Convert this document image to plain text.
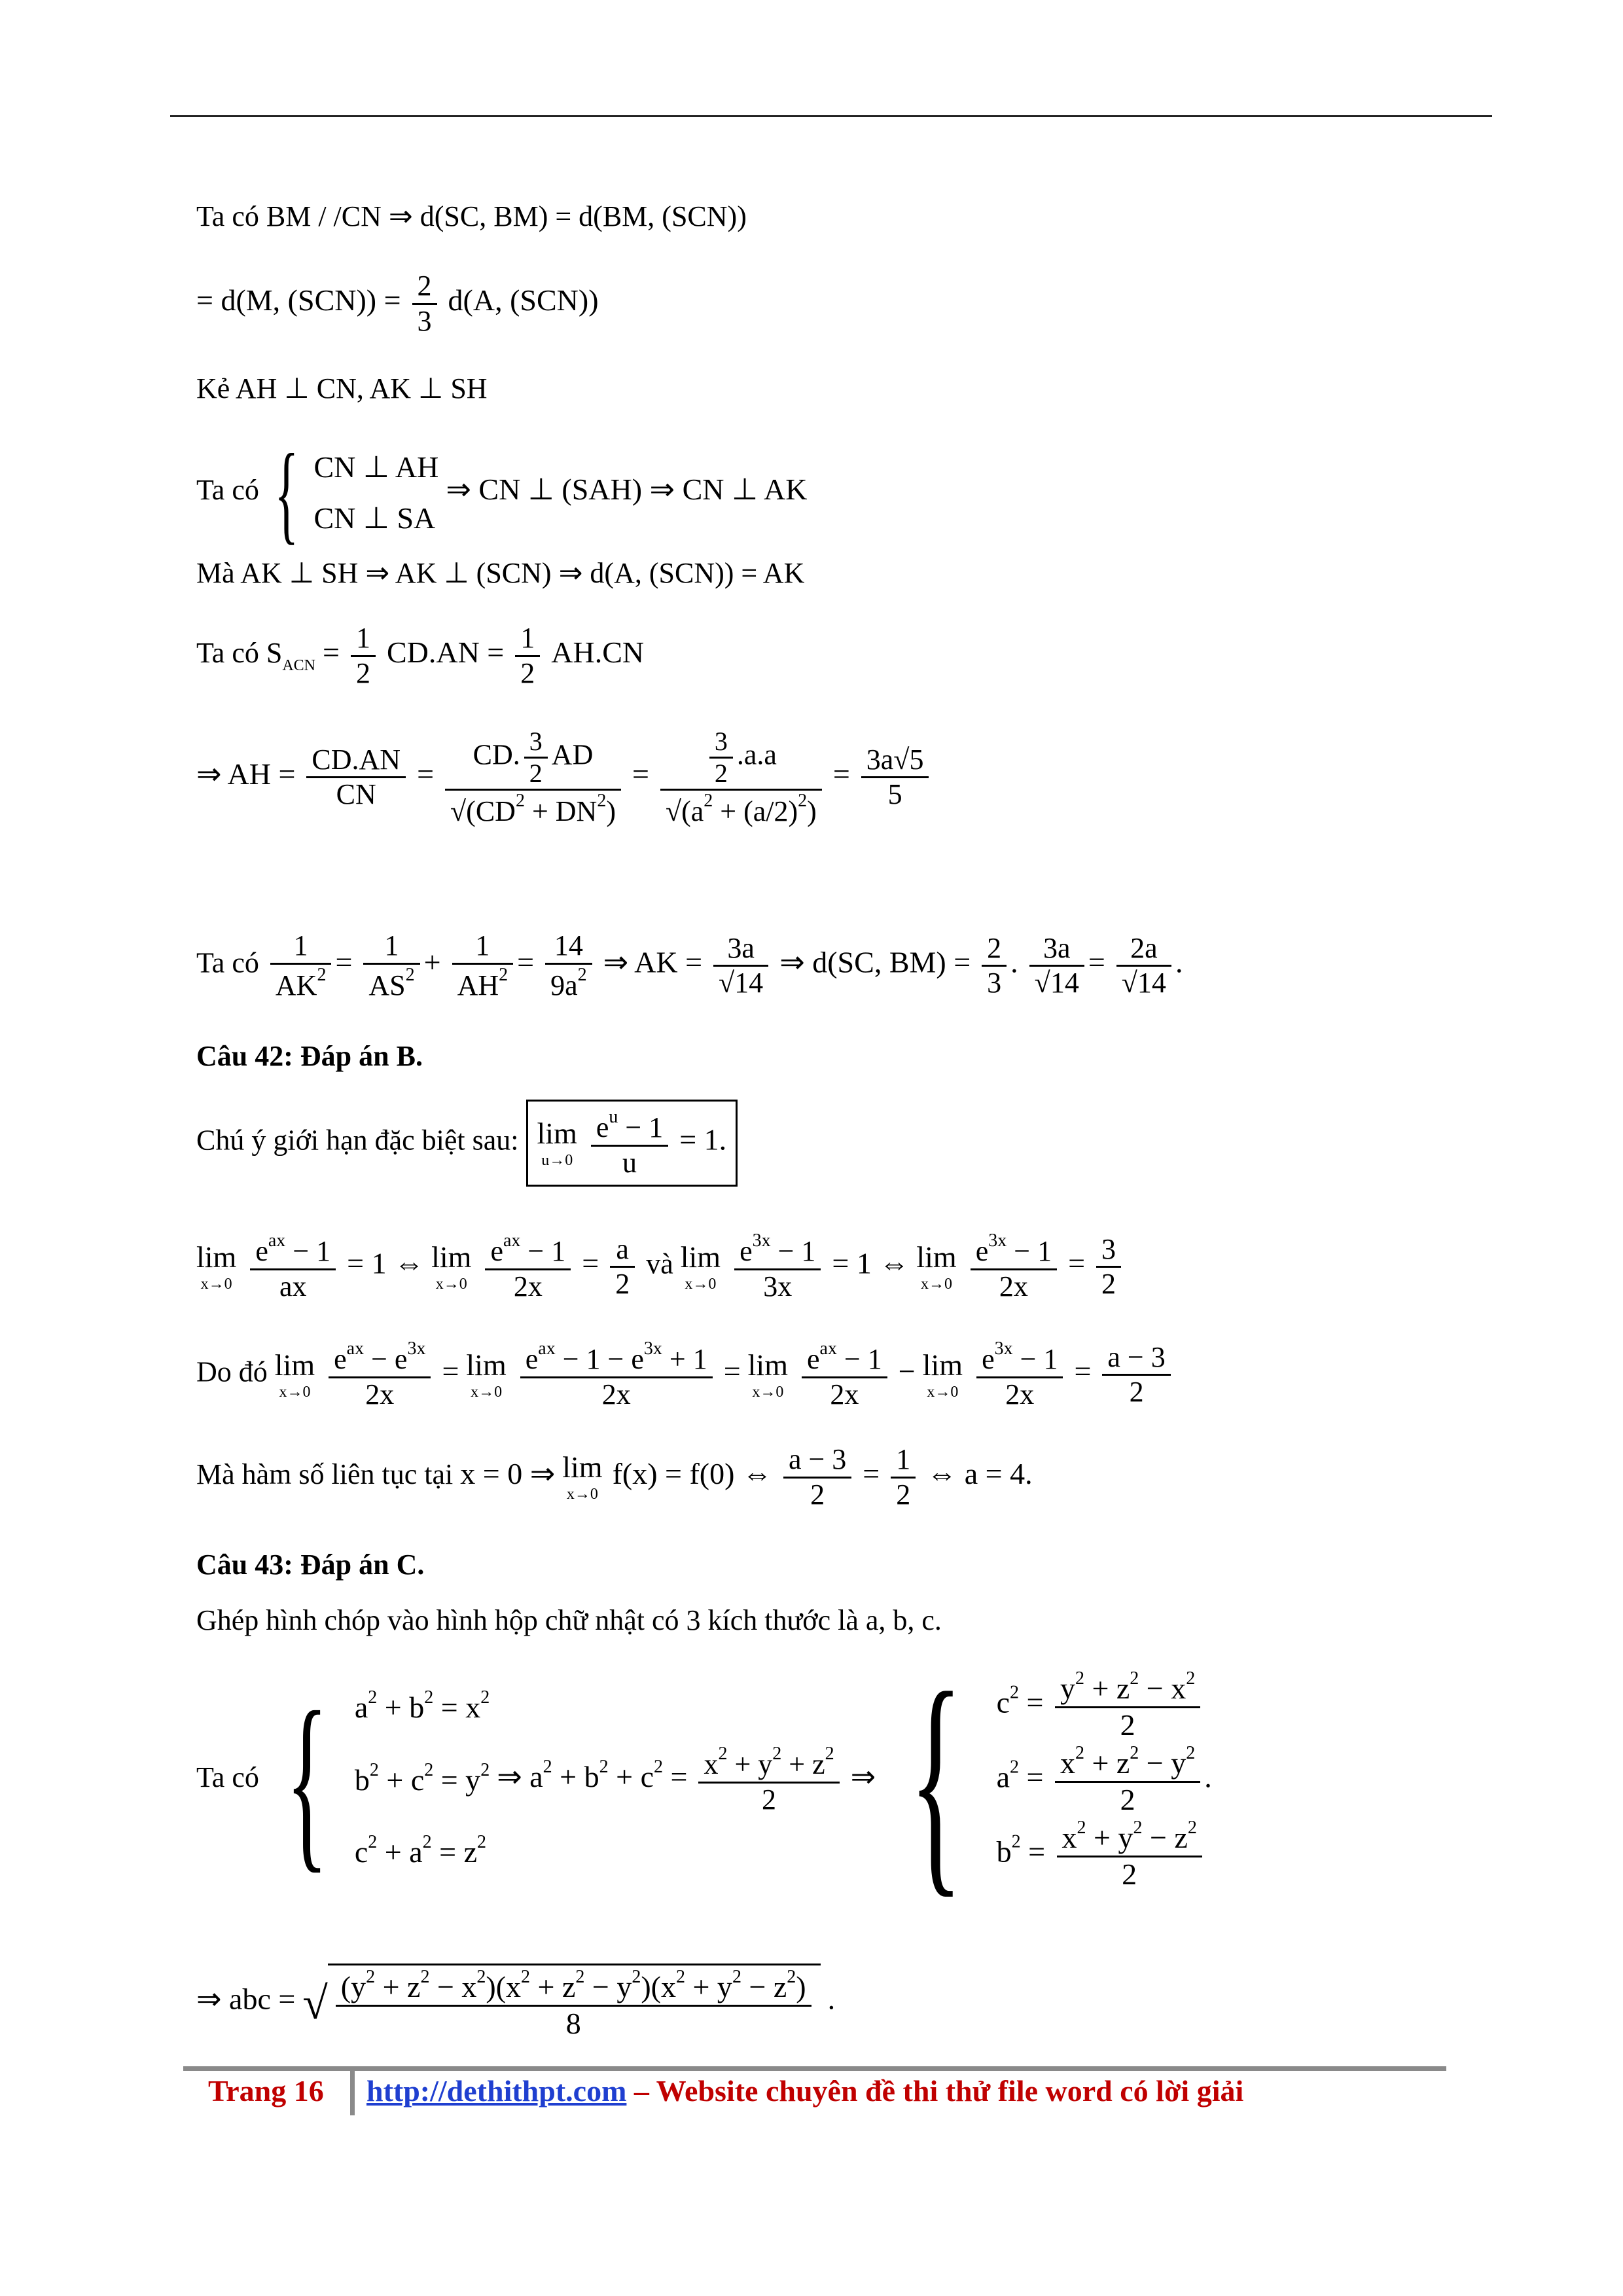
Ta có BM / /CN ⇒ d(SC, BM) = d(BM, (SCN))
= d(M, $(SCN)) = \frac{2}{3} d(A$, (SCN))
Kẻ AH ⊥ CN, AK ⊥ SH
Ta có { CN ⊥ AH
CN ⊥ SA
⇒ CN ⊥ (SAH) ⇒ CN ⊥ AK
Mà AK ⊥ SH ⇒ AK ⊥ (SCN) ⇒ d(A, (SCN)) = AK
Ta có $S_{ACN} = \frac{1}{2} CD.AN = \frac{1}{2} AH.CN$
⇒ AH = $\frac{CD.AN}{CN} = \frac{CD. \frac{3}{2} AD}{√(CD^2 + DN^2)} = \frac{\frac{3}{2} .a.a}{√(a^2 + (a/2)^2)} = \frac{3a√5}{5}$
Ta có $\frac{1}{AK^2} = \frac{1}{AS^2} + \frac{1}{AH^2} = \frac{14}{9a^2}$ ⇒ AK = $\frac{3a}{√14}$ ⇒ d(SC, $BM) = \frac{2}{3}$ . $\frac{3a}{√14} = \frac{2a}{√14}$ .
Câu 42: Đáp án B.
Chú ý giới hạn đặc biệt sau: lim
u→0
$\frac{e^u - 1}{u} = 1$.
lim
x→0

$e^{ax} - 1$
ax
= 1 ⇔ lim
x→0

$e^{ax} - 1$
2x
= $\frac{a}{2}$ và lim
x→0
$\frac{e^{3x} - 1}{3x} = 1$ ⇔ lim
x→0
$\frac{e^{3x} - 1}{2x} = \frac{3}{2}$
Do đó lim
x→0

$e^{ax} - e^{3x}$
2x
= lim
x→0

$e^{ax} - 1 - e^{3x} + 1$
2x
= lim
x→0

$e^{ax} - 1$
2x
− lim
x→0
$\frac{e^{3x} - 1}{2x} = \frac{a - 3}{2}$
Mà hàm số liên tục tại x = 0 ⇒ lim
x→0
f(x) = f(0) ⇔ $\frac{a - 3}{2} = \frac{1}{2}$ ⇔ a = 4.
Câu 43: Đáp án C.
Ghép hình chóp vào hình hộp chữ nhật có 3 kích thước là a, b, c.
Ta có { $a^2 + b^2 = x^2$
$b^2 + c^2 = y^2$
$c^2 + a^2 = z^2$
⇒ $a^2 + b^2 + c^2 = \frac{x^2 + y^2 + z^2}{2}$ ⇒ { $c^2 = \frac{y^2 + z^2 - x^2}{2}$
$a^2 = \frac{x^2 + z^2 - y^2}{2}$ .
$b^2 = \frac{x^2 + y^2 - z^2}{2}$
⇒ abc = √ $\frac{(y^2 + z^2 - x^2)(x^2 + z^2 - y^2)(x^2 + y^2 - z^2)}{8}$ .
Trang 16 http://dethithpt.com – Website chuyên đề thi thử file word có lời giải
